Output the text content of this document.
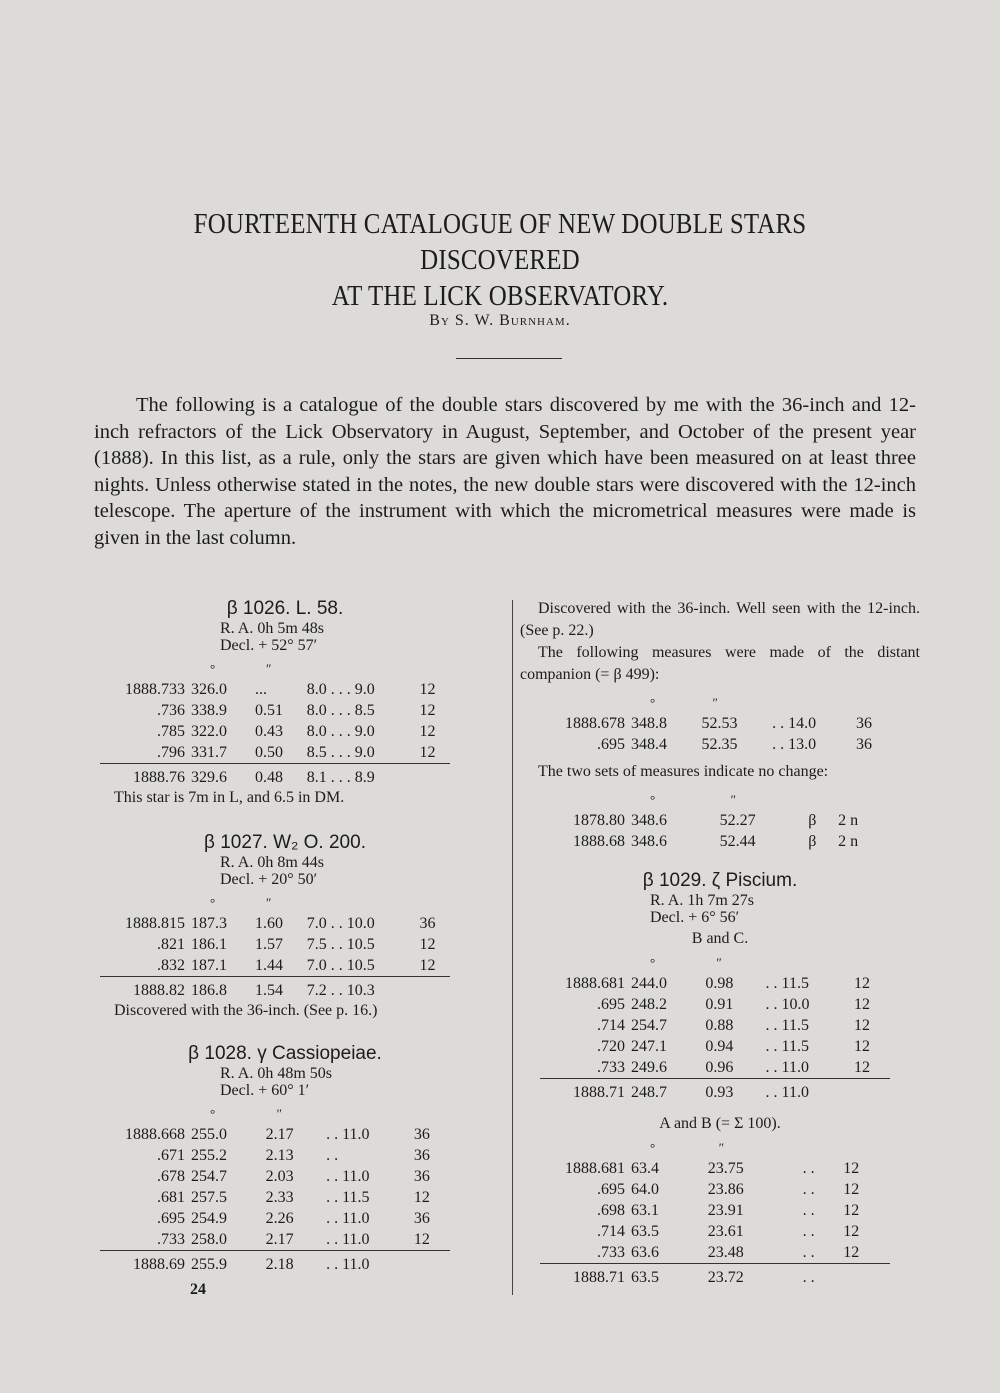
FOURTEENTH CATALOGUE OF NEW DOUBLE STARS DISCOVERED
AT THE LICK OBSERVATORY.
By S. W. Burnham.

The following is a catalogue of the double stars discovered by me with the 36-inch and 12-inch refractors of the Lick Observatory in August, September, and October of the present year (1888). In this list, as a rule, only the stars are given which have been measured on at least three nights. Unless otherwise stated in the notes, the new double stars were discovered with the 12-inch telescope. The aperture of the instrument with which the micrometrical measures were made is given in the last column.

β 1026. L. 58.
R. A. 0h 5m 48s
Decl. + 52° 57′
	°	″		
1888.733	326.0	...	8.0 . . . 9.0	12
.736	338.9	0.51	8.0 . . . 8.5	12
.785	322.0	0.43	8.0 . . . 9.0	12
.796	331.7	0.50	8.5 . . . 9.0	12
1888.76	329.6	0.48	8.1 . . . 8.9	
This star is 7m in L, and 6.5 in DM.
β 1027. W₂ O. 200.
R. A. 0h 8m 44s
Decl. + 20° 50′
	°	″		
1888.815	187.3	1.60	7.0 . . 10.0	36
.821	186.1	1.57	7.5 . . 10.5	12
.832	187.1	1.44	7.0 . . 10.5	12
1888.82	186.8	1.54	7.2 . . 10.3	
Discovered with the 36-inch. (See p. 16.)
β 1028. γ Cassiopeiae.
R. A. 0h 48m 50s
Decl. + 60° 1′
	°	″		
1888.668	255.0	2.17	. . 11.0	36
.671	255.2	2.13	. .	36
.678	254.7	2.03	. . 11.0	36
.681	257.5	2.33	. . 11.5	12
.695	254.9	2.26	. . 11.0	36
.733	258.0	2.17	. . 11.0	12
1888.69	255.9	2.18	. . 11.0	
24

Discovered with the 36-inch. Well seen with the 12-inch. (See p. 22.)

The following measures were made of the distant companion (= β 499):

	°	″		
1888.678	348.8	52.53	. . 14.0	36
.695	348.4	52.35	. . 13.0	36

The two sets of measures indicate no change:

	°	″		
1878.80	348.6	52.27	β	2 n
1888.68	348.6	52.44	β	2 n
β 1029. ζ Piscium.
R. A. 1h 7m 27s
Decl. + 6° 56′
B and C.
	°	″		
1888.681	244.0	0.98	. . 11.5	12
.695	248.2	0.91	. . 10.0	12
.714	254.7	0.88	. . 11.5	12
.720	247.1	0.94	. . 11.5	12
.733	249.6	0.96	. . 11.0	12
1888.71	248.7	0.93	. . 11.0	
A and B (= Σ 100).
	°	″		
1888.681	63.4	23.75	. .	12
.695	64.0	23.86	. .	12
.698	63.1	23.91	. .	12
.714	63.5	23.61	. .	12
.733	63.6	23.48	. .	12
1888.71	63.5	23.72	. .	
